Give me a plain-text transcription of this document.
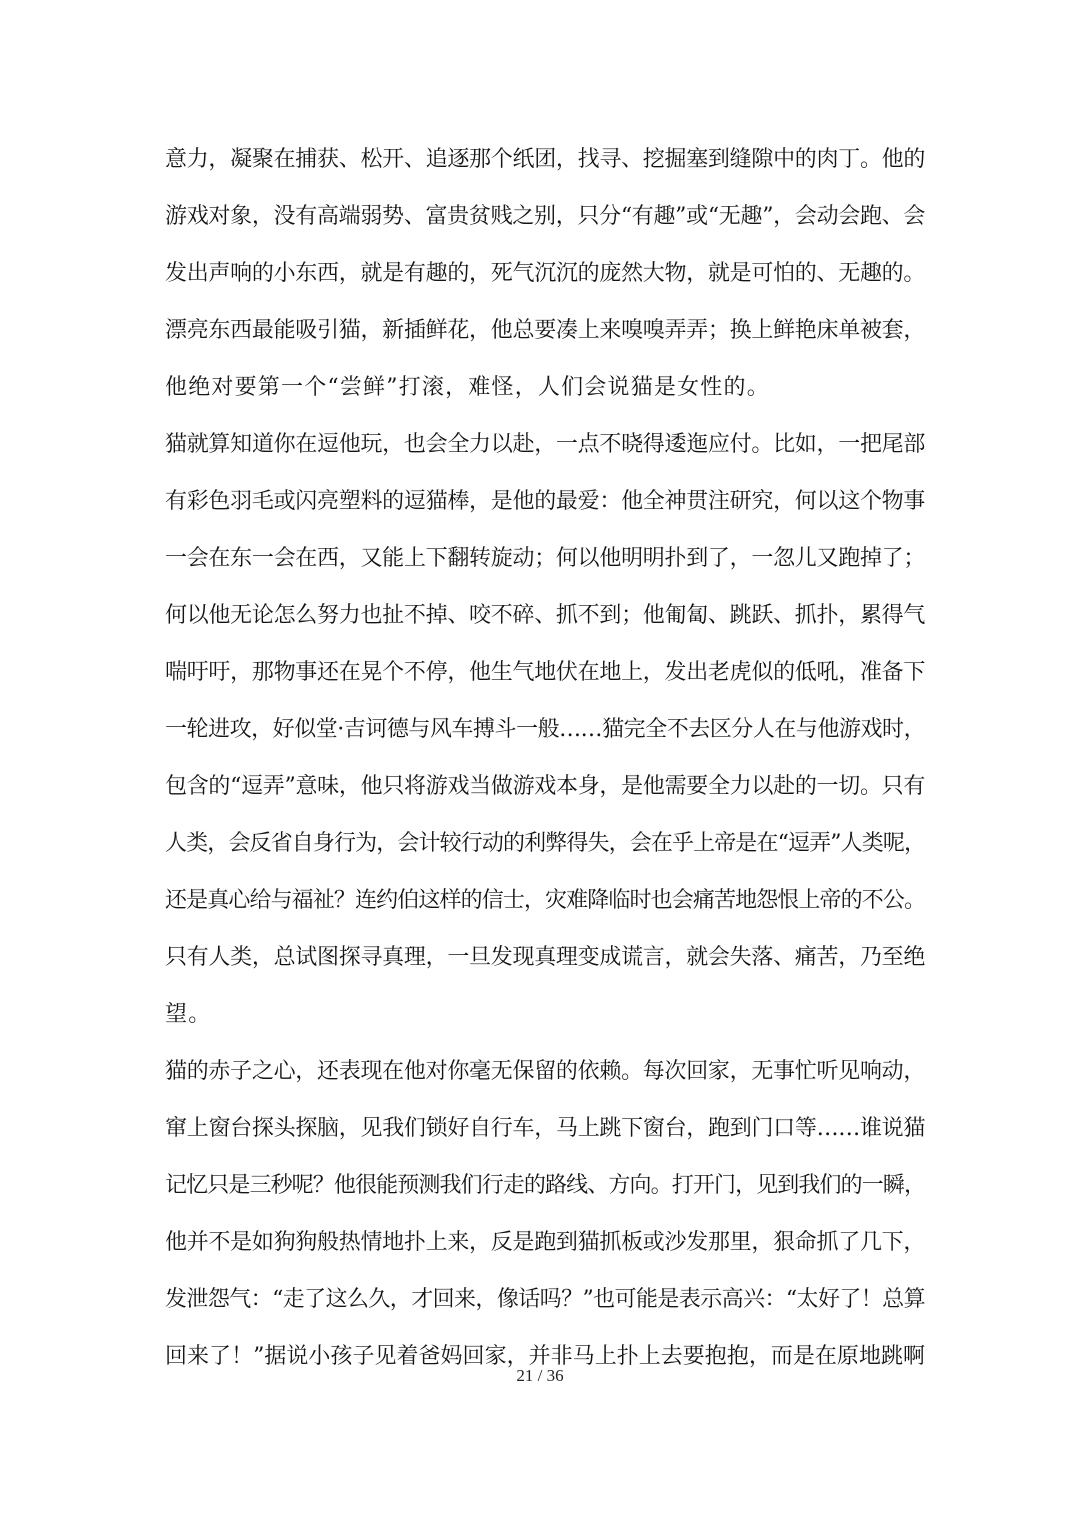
意力，凝聚在捕获、松开、追逐那个纸团，找寻、挖掘塞到缝隙中的肉丁。他的
游戏对象，没有高端弱势、富贵贫贱之别，只分“有趣”或“无趣”，会动会跑、会
发出声响的小东西，就是有趣的，死气沉沉的庞然大物，就是可怕的、无趣的。
漂亮东西最能吸引猫，新插鲜花，他总要凑上来嗅嗅弄弄；换上鲜艳床单被套，
他绝对要第一个“尝鲜”打滚，难怪，人们会说猫是女性的。
猫就算知道你在逗他玩，也会全力以赴，一点不晓得逶迤应付。比如，一把尾部
有彩色羽毛或闪亮塑料的逗猫棒，是他的最爱：他全神贯注研究，何以这个物事
一会在东一会在西，又能上下翻转旋动；何以他明明扑到了，一忽儿又跑掉了；
何以他无论怎么努力也扯不掉、咬不碎、抓不到；他匍匐、跳跃、抓扑，累得气
喘吁吁，那物事还在晃个不停，他生气地伏在地上，发出老虎似的低吼，准备下
一轮进攻，好似堂·吉诃德与风车搏斗一般……猫完全不去区分人在与他游戏时，
包含的“逗弄”意味，他只将游戏当做游戏本身，是他需要全力以赴的一切。只有
人类，会反省自身行为，会计较行动的利弊得失，会在乎上帝是在“逗弄”人类呢，
还是真心给与福祉？连约伯这样的信士，灾难降临时也会痛苦地怨恨上帝的不公。
只有人类，总试图探寻真理，一旦发现真理变成谎言，就会失落、痛苦，乃至绝
望。
猫的赤子之心，还表现在他对你毫无保留的依赖。每次回家，无事忙听见响动，
窜上窗台探头探脑，见我们锁好自行车，马上跳下窗台，跑到门口等……谁说猫
记忆只是三秒呢？他很能预测我们行走的路线、方向。打开门，见到我们的一瞬，
他并不是如狗狗般热情地扑上来，反是跑到猫抓板或沙发那里，狠命抓了几下，
发泄怨气：“走了这么久，才回来，像话吗？”也可能是表示高兴：“太好了！总算
回来了！”据说小孩子见着爸妈回家，并非马上扑上去要抱抱，而是在原地跳啊
21 / 36
